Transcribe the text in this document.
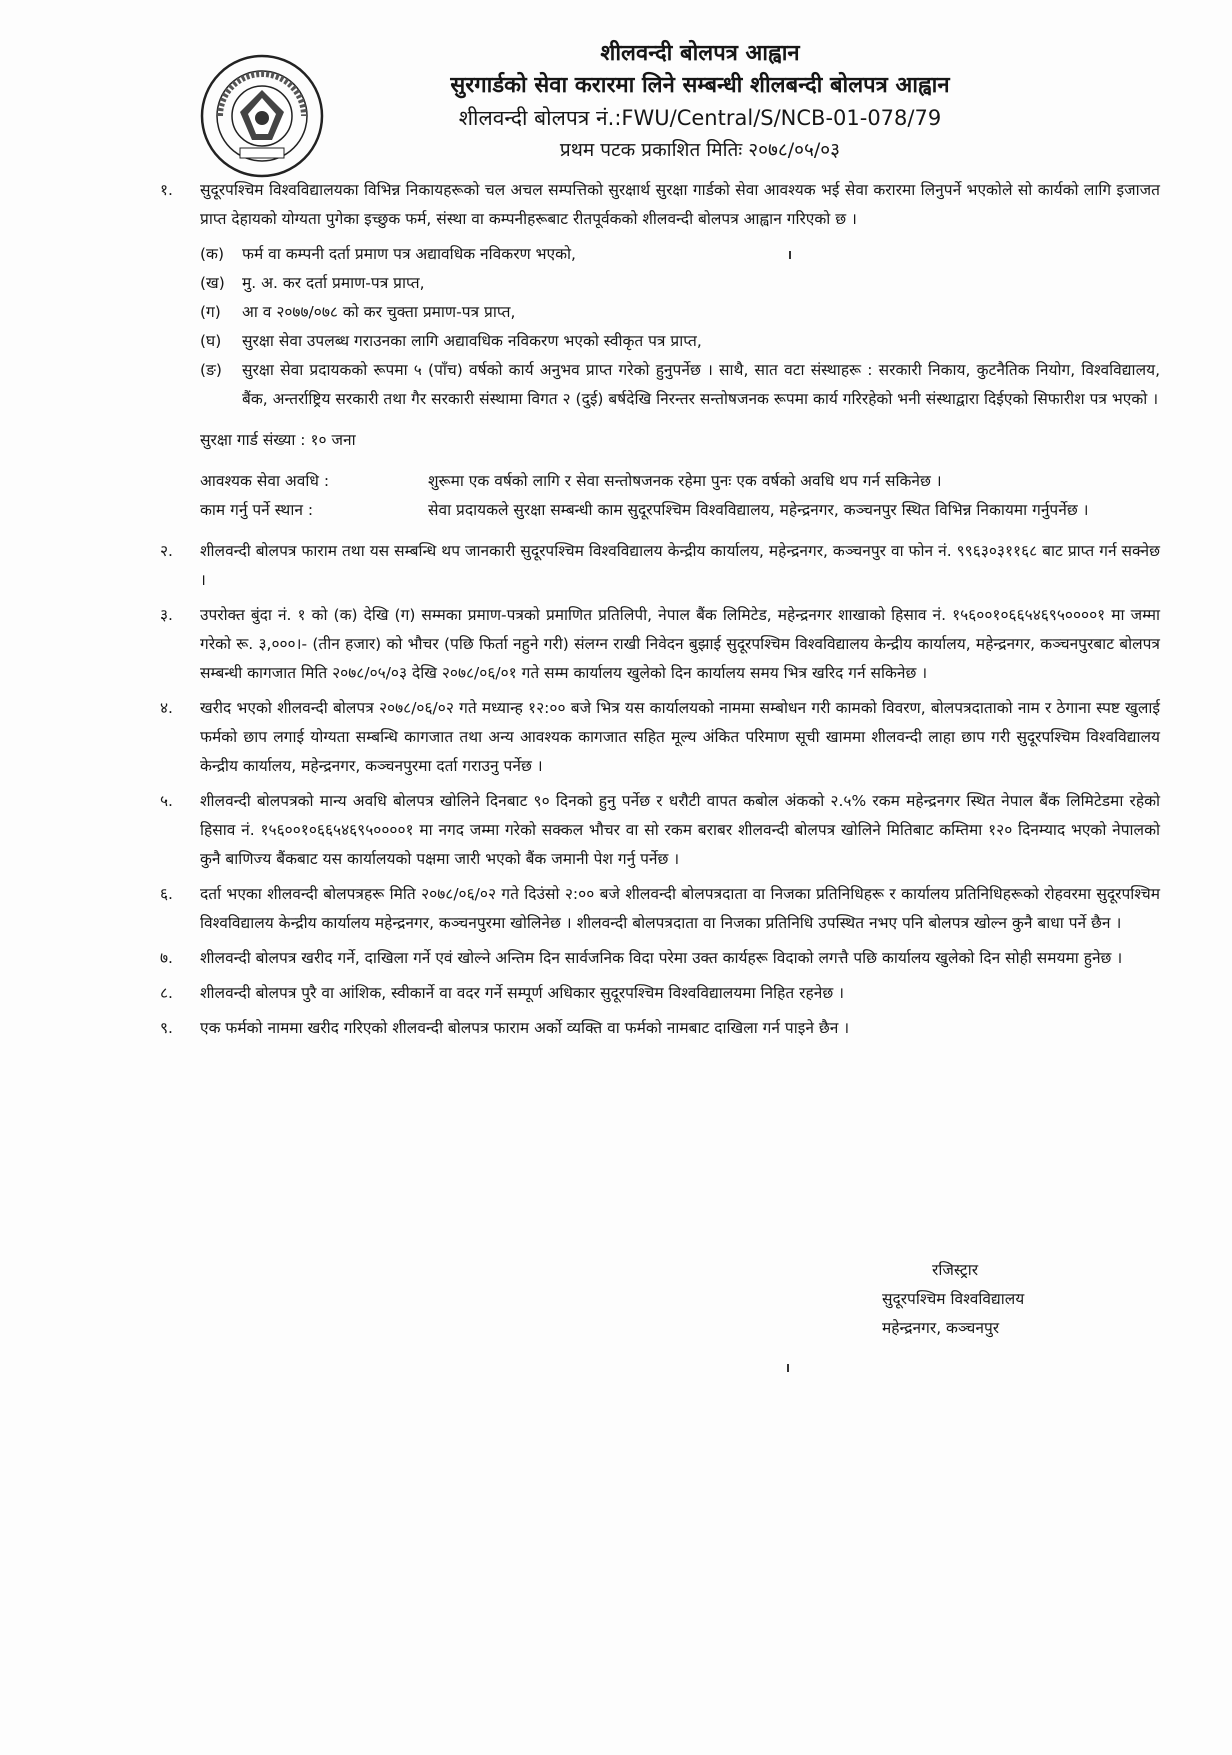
शीलवन्दी बोलपत्र आह्वान
सुरगार्डको सेवा करारमा लिने सम्बन्धी शीलबन्दी बोलपत्र आह्वान
शीलवन्दी बोलपत्र नं.:FWU/Central/S/NCB-01-078/79
प्रथम पटक प्रकाशित मितिः २०७८/०५/०३
१.	सुदूरपश्चिम विश्वविद्यालयका विभिन्न निकायहरूको चल अचल सम्पत्तिको सुरक्षार्थ सुरक्षा गार्डको सेवा आवश्यक भई सेवा करारमा लिनुपर्ने भएकोले सो कार्यको लागि इजाजत प्राप्त देहायको योग्यता पुगेका इच्छुक फर्म, संस्था वा कम्पनीहरूबाट रीतपूर्वकको शीलवन्दी बोलपत्र आह्वान गरिएको छ ।
(क)	फर्म वा कम्पनी दर्ता प्रमाण पत्र अद्यावधिक नविकरण भएको,
(ख)	मु. अ. कर दर्ता प्रमाण-पत्र प्राप्त,
(ग)	आ व २०७७/०७८ को कर चुक्ता प्रमाण-पत्र प्राप्त,
(घ)	सुरक्षा सेवा उपलब्ध गराउनका लागि अद्यावधिक नविकरण भएको स्वीकृत पत्र प्राप्त,
(ङ)	सुरक्षा सेवा प्रदायकको रूपमा ५ (पाँच) वर्षको कार्य अनुभव प्राप्त गरेको हुनुपर्नेछ । साथै, सात वटा संस्थाहरू : सरकारी निकाय, कुटनैतिक नियोग, विश्वविद्यालय, बैंक, अन्तर्राष्ट्रिय सरकारी तथा गैर सरकारी संस्थामा विगत २ (दुई) बर्षदेखि निरन्तर सन्तोषजनक रूपमा कार्य गरिरहेको भनी संस्थाद्वारा दिईएको सिफारीश पत्र भएको ।
सुरक्षा गार्ड संख्या : १० जना
आवश्यक सेवा अवधि :	शुरूमा एक वर्षको लागि र सेवा सन्तोषजनक रहेमा पुनः एक वर्षको अवधि थप गर्न सकिनेछ ।
काम गर्नु पर्ने स्थान :	सेवा प्रदायकले सुरक्षा सम्बन्धी काम सुदूरपश्चिम विश्वविद्यालय, महेन्द्रनगर, कञ्चनपुर स्थित विभिन्न निकायमा गर्नुपर्नेछ ।
२.	शीलवन्दी बोलपत्र फाराम तथा यस सम्बन्धि थप जानकारी सुदूरपश्चिम विश्वविद्यालय केन्द्रीय कार्यालय, महेन्द्रनगर, कञ्चनपुर वा फोन नं. ९९६३०३११६८ बाट प्राप्त गर्न सक्नेछ ।
३.	उपरोक्त बुंदा नं. १ को (क) देखि (ग) सम्मका प्रमाण-पत्रको प्रमाणित प्रतिलिपी, नेपाल बैंक लिमिटेड, महेन्द्रनगर शाखाको हिसाव नं. १५६००१०६६५४६९५००००१ मा जम्मा गरेको रू. ३,०००।- (तीन हजार) को भौचर (पछि फिर्ता नहुने गरी) संलग्न राखी निवेदन बुझाई सुदूरपश्चिम विश्वविद्यालय केन्द्रीय कार्यालय, महेन्द्रनगर, कञ्चनपुरबाट बोलपत्र सम्बन्धी कागजात मिति २०७८/०५/०३ देखि २०७८/०६/०१ गते सम्म कार्यालय खुलेको दिन कार्यालय समय भित्र खरिद गर्न सकिनेछ ।
४.	खरीद भएको शीलवन्दी बोलपत्र २०७८/०६/०२ गते मध्यान्ह १२:०० बजे भित्र यस कार्यालयको नाममा सम्बोधन गरी कामको विवरण, बोलपत्रदाताको नाम र ठेगाना स्पष्ट खुलाई फर्मको छाप लगाई योग्यता सम्बन्धि कागजात तथा अन्य आवश्यक कागजात सहित मूल्य अंकित परिमाण सूची खाममा शीलवन्दी लाहा छाप गरी सुदूरपश्चिम विश्वविद्यालय केन्द्रीय कार्यालय, महेन्द्रनगर, कञ्चनपुरमा दर्ता गराउनु पर्नेछ ।
५.	शीलवन्दी बोलपत्रको मान्य अवधि बोलपत्र खोलिने दिनबाट ९० दिनको हुनु पर्नेछ र धरौटी वापत कबोल अंकको २.५% रकम महेन्द्रनगर स्थित नेपाल बैंक लिमिटेडमा रहेको हिसाव नं. १५६००१०६६५४६९५००००१ मा नगद जम्मा गरेको सक्कल भौचर वा सो रकम बराबर शीलवन्दी बोलपत्र खोलिने मितिबाट कम्तिमा १२० दिनम्याद भएको नेपालको कुनै बाणिज्य बैंकबाट यस कार्यालयको पक्षमा जारी भएको बैंक जमानी पेश गर्नु पर्नेछ ।
६.	दर्ता भएका शीलवन्दी बोलपत्रहरू मिति २०७८/०६/०२ गते दिउंसो २:०० बजे शीलवन्दी बोलपत्रदाता वा निजका प्रतिनिधिहरू र कार्यालय प्रतिनिधिहरूको रोहवरमा सुदूरपश्चिम विश्वविद्यालय केन्द्रीय कार्यालय महेन्द्रनगर, कञ्चनपुरमा खोलिनेछ । शीलवन्दी बोलपत्रदाता वा निजका प्रतिनिधि उपस्थित नभए पनि बोलपत्र खोल्न कुनै बाधा पर्ने छैन ।
७.	शीलवन्दी बोलपत्र खरीद गर्ने, दाखिला गर्ने एवं खोल्ने अन्तिम दिन सार्वजनिक विदा परेमा उक्त कार्यहरू विदाको लगत्तै पछि कार्यालय खुलेको दिन सोही समयमा हुनेछ ।
८.	शीलवन्दी बोलपत्र पुरै वा आंशिक, स्वीकार्ने वा वदर गर्ने सम्पूर्ण अधिकार सुदूरपश्चिम विश्वविद्यालयमा निहित रहनेछ ।
९.	एक फर्मको नाममा खरीद गरिएको शीलवन्दी बोलपत्र फाराम अर्को व्यक्ति वा फर्मको नामबाट दाखिला गर्न पाइने छैन ।
रजिस्ट्रार
सुदूरपश्चिम विश्वविद्यालय
महेन्द्रनगर, कञ्चनपुर
